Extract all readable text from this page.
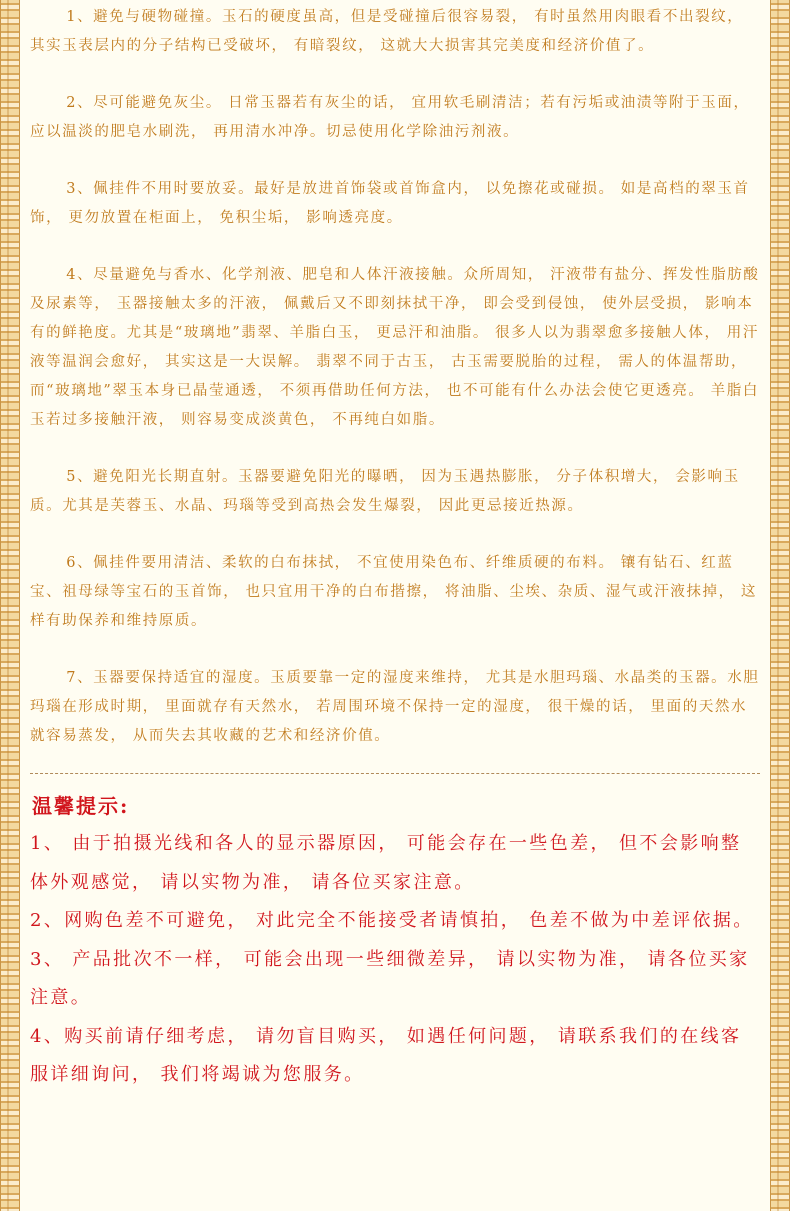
1、避免与硬物碰撞。玉石的硬度虽高，但是受碰撞后很容易裂， 有时虽然用肉眼看不出裂纹， 其实玉表层内的分子结构已受破坏， 有暗裂纹， 这就大大损害其完美度和经济价值了。

2、尽可能避免灰尘。 日常玉器若有灰尘的话， 宜用软毛刷清洁；若有污垢或油渍等附于玉面， 应以温淡的肥皂水刷洗， 再用清水冲净。切忌使用化学除油污剂液。

3、佩挂件不用时要放妥。最好是放进首饰袋或首饰盒内， 以免擦花或碰损。 如是高档的翠玉首饰， 更勿放置在柜面上， 免积尘垢， 影响透亮度。

4、尽量避免与香水、化学剂液、肥皂和人体汗液接触。众所周知， 汗液带有盐分、挥发性脂肪酸及尿素等， 玉器接触太多的汗液， 佩戴后又不即刻抹拭干净， 即会受到侵蚀， 使外层受损， 影响本有的鲜艳度。尤其是“玻璃地”翡翠、羊脂白玉， 更忌汗和油脂。 很多人以为翡翠愈多接触人体， 用汗液等温润会愈好， 其实这是一大误解。 翡翠不同于古玉， 古玉需要脱胎的过程， 需人的体温帮助， 而“玻璃地”翠玉本身已晶莹通透， 不须再借助任何方法， 也不可能有什么办法会使它更透亮。 羊脂白玉若过多接触汗液， 则容易变成淡黄色， 不再纯白如脂。

5、避免阳光长期直射。玉器要避免阳光的曝晒， 因为玉遇热膨胀， 分子体积增大， 会影响玉质。尤其是芙蓉玉、水晶、玛瑙等受到高热会发生爆裂， 因此更忌接近热源。

6、佩挂件要用清洁、柔软的白布抹拭， 不宜使用染色布、纤维质硬的布料。 镶有钻石、红蓝宝、祖母绿等宝石的玉首饰， 也只宜用干净的白布揩擦， 将油脂、尘埃、杂质、湿气或汗液抹掉， 这样有助保养和维持原质。

7、玉器要保持适宜的湿度。玉质要靠一定的湿度来维持， 尤其是水胆玛瑙、水晶类的玉器。水胆玛瑙在形成时期， 里面就存有天然水， 若周围环境不保持一定的湿度， 很干燥的话， 里面的天然水就容易蒸发， 从而失去其收藏的艺术和经济价值。

温馨提示:

1、 由于拍摄光线和各人的显示器原因， 可能会存在一些色差， 但不会影响整体外观感觉， 请以实物为准， 请各位买家注意。

2、网购色差不可避免， 对此完全不能接受者请慎拍， 色差不做为中差评依据。

3、 产品批次不一样， 可能会出现一些细微差异， 请以实物为准， 请各位买家注意。

4、购买前请仔细考虑， 请勿盲目购买， 如遇任何问题， 请联系我们的在线客服详细询问， 我们将竭诚为您服务。
